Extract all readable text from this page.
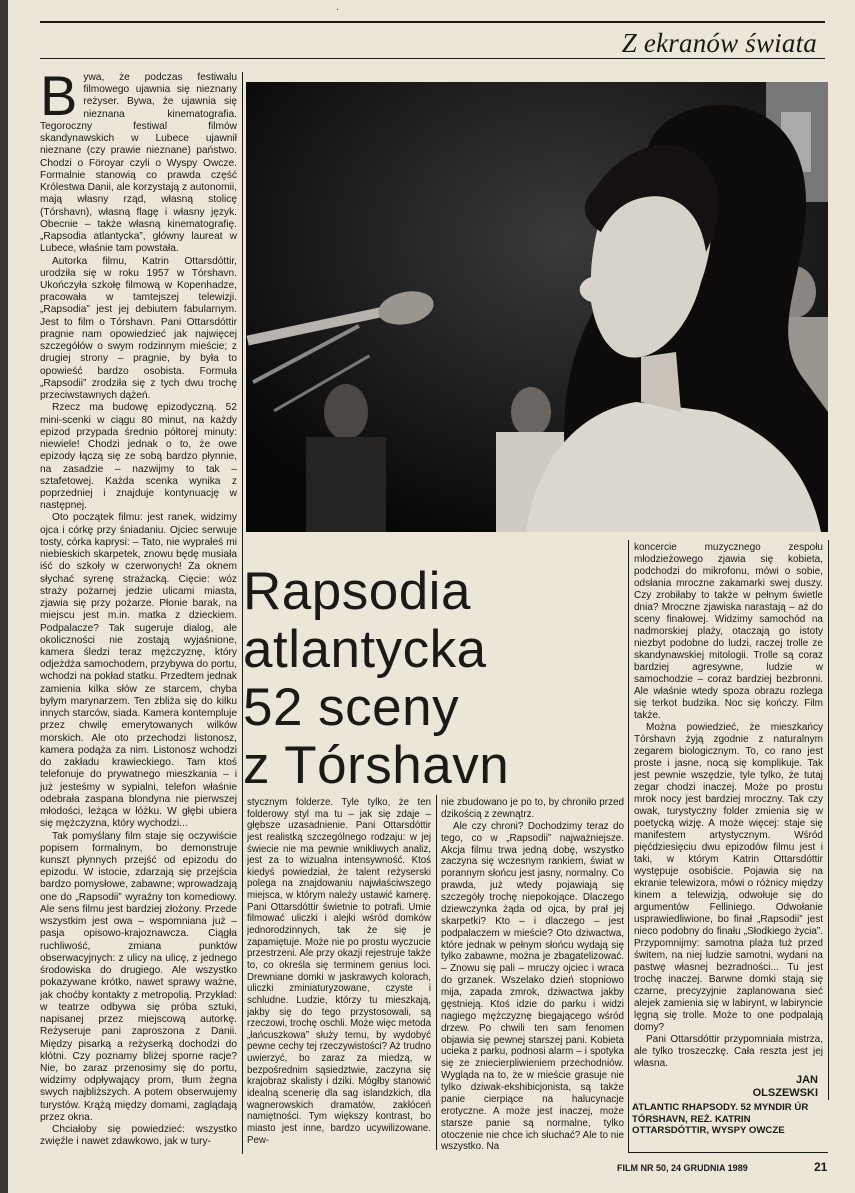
·
Z ekranów świata
B ywa, że podczas festiwalu filmowego ujawnia się nieznany reżyser. Bywa, że ujawnia się nieznana kinematografia. Tegoroczny festiwal filmów skandynawskich w Lubece ujawnił nieznane (czy prawie nieznane) państwo. Chodzi o Föroyar czyli o Wyspy Owcze. Formalnie stanowią co prawda część Królestwa Danii, ale korzystają z autonomii, mają własny rząd, własną stolicę (Tórshavn), własną flagę i własny język. Obecnie – także własną kinematografię. „Rapsodia atlantycka”, główny laureat w Lubece, właśnie tam powstała.

Autorka filmu, Katrin Ottarsdóttir, urodziła się w roku 1957 w Tórshavn. Ukończyła szkołę filmową w Kopenhadze, pracowała w tamtejszej telewizji. „Rapsodia” jest jej debiutem fabularnym. Jest to film o Tórshavn. Pani Ottarsdóttir pragnie nam opowiedzieć jak najwięcej szczegółów o swym rodzinnym mieście; z drugiej strony – pragnie, by była to opowieść bardzo osobista. Formuła „Rapsodii” zrodziła się z tych dwu trochę przeciwstawnych dążeń.

Rzecz ma budowę epizodyczną. 52 mini-scenki w ciągu 80 minut, na każdy epizod przypada średnio półtorej minuty: niewiele! Chodzi jednak o to, że owe epizody łączą się ze sobą bardzo płynnie, na zasadzie – nazwijmy to tak – sztafetowej. Każda scenka wynika z poprzedniej i znajduje kontynuację w następnej.

Oto początek filmu: jest ranek, widzimy ojca i córkę przy śniadaniu. Ojciec serwuje tosty, córka kaprysi: – Tato, nie wyprałeś mi niebieskich skarpetek, znowu będę musiała iść do szkoły w czerwonych! Za oknem słychać syrenę strażacką. Cięcie: wóz straży pożarnej jedzie ulicami miasta, zjawia się przy pożarze. Płonie barak, na miejscu jest m.in. matka z dzieckiem. Podpalacze? Tak sugeruje dialog, ale okoliczności nie zostają wyjaśnione, kamera śledzi teraz mężczyznę, który odjeżdża samochodem, przybywa do portu, wchodzi na pokład statku. Przedtem jednak zamienia kilka słów ze starcem, chyba byłym marynarzem. Ten zbliża się do kilku innych starców, siada. Kamera kontempluje przez chwilę emerytowanych wilków morskich. Ale oto przechodzi listonosz, kamera podąża za nim. Listonosz wchodzi do zakładu krawieckiego. Tam ktoś telefonuje do prywatnego mieszkania – i już jesteśmy w sypialni, telefon właśnie odebrała zaspana blondyna nie pierwszej młodości, leżąca w łóżku. W głębi ubiera się mężczyzna, który wychodzi...

Tak pomyślany film staje się oczywiście popisem formalnym, bo demonstruje kunszt płynnych przejść od epizodu do epizodu. W istocie, zdarzają się przejścia bardzo pomysłowe, zabawne; wprowadzają one do „Rapsodii” wyraźny ton komediowy. Ale sens filmu jest bardziej złożony. Przede wszystkim jest owa – wspomniana już – pasja opisowo-krajoznawcza. Ciągła ruchliwość, zmiana punktów obserwacyjnych: z ulicy na ulicę, z jednego środowiska do drugiego. Ale wszystko pokazywane krótko, nawet sprawy ważne, jak choćby kontakty z metropolią. Przykład: w teatrze odbywa się próba sztuki, napisanej przez miejscową autorkę. Reżyseruje pani zaproszona z Danii. Między pisarką a reżyserką dochodzi do kłótni. Czy poznamy bliżej sporne racje? Nie, bo zaraz przenosimy się do portu, widzimy odpływający prom, tłum żegna swych najbliższych. A potem obserwujemy turystów. Krążą między domami, zaglądają przez okna.

Chciałoby się powiedzieć: wszystko zwięźle i nawet zdawkowo, jak w tury-

Rapsodia
atlantycka
52 sceny
z Tórshavn

stycznym folderze. Tyle tylko, że ten folderowy styl ma tu – jak się zdaje – głębsze uzasadnienie. Pani Ottarsdóttir jest realistką szczególnego rodzaju: w jej świecie nie ma pewnie wnikliwych analiz, jest za to wizualna intensywność. Ktoś kiedyś powiedział, że talent reżyserski polega na znajdowaniu najwłaściwszego miejsca, w którym należy ustawić kamerę. Pani Ottarsdóttir świetnie to potrafi. Umie filmować uliczki i alejki wśród domków jednorodzinnych, tak że się je zapamiętuje. Może nie po prostu wyczucie przestrzeni. Ale przy okazji rejestruje także to, co określa się terminem genius loci. Drewniane domki w jaskrawych kolorach, uliczki zminiaturyzowane, czyste i schludne. Ludzie, którzy tu mieszkają, jakby się do tego przystosowali, są rzeczowi, trochę oschli. Może więc metoda „łańcuszkowa” służy temu, by wydobyć pewne cechy tej rzeczywistości? Aż trudno uwierzyć, bo zaraz za miedzą, w bezpośrednim sąsiedztwie, zaczyna się krajobraz skalisty i dziki. Mógłby stanowić idealną scenerię dla sag islandzkich, dla wagnerowskich dramatów, zakłóceń namiętności. Tym większy kontrast, bo miasto jest inne, bardzo ucywilizowane. Pew-

nie zbudowano je po to, by chroniło przed dzikością z zewnątrz.

Ale czy chroni? Dochodzimy teraz do tego, co w „Rapsodii” najważniejsze. Akcja filmu trwa jedną dobę, wszystko zaczyna się wczesnym rankiem, świat w porannym słońcu jest jasny, normalny. Co prawda, już wtedy pojawiają się szczegóły trochę niepokojące. Dlaczego dziewczynka żąda od ojca, by prał jej skarpetki? Kto – i dlaczego – jest podpalaczem w mieście? Oto dziwactwa, które jednak w pełnym słońcu wydają się tylko zabawne, można je zbagatelizować. – Znowu się pali – mruczy ojciec i wraca do grzanek. Wszelako dzień stopniowo mija, zapada zmrok, dziwactwa jakby gęstnieją. Ktoś idzie do parku i widzi nagiego mężczyznę biegającego wśród drzew. Po chwili ten sam fenomen objawia się pewnej starszej pani. Kobieta ucieka z parku, podnosi alarm – i spotyka się ze zniecierpliwieniem przechodniów. Wygląda na to, że w mieście grasuje nie tylko dziwak-ekshibicjonista, są także panie cierpiące na halucynacje erotyczne. A może jest inaczej, może starsze panie są normalne, tylko otoczenie nie chce ich słuchać? Ale to nie wszystko. Na

koncercie muzycznego zespołu młodzieżowego zjawia się kobieta, podchodzi do mikrofonu, mówi o sobie, odsłania mroczne zakamarki swej duszy. Czy zrobiłaby to także w pełnym świetle dnia? Mroczne zjawiska narastają – aż do sceny finałowej. Widzimy samochód na nadmorskiej plaży, otaczają go istoty niezbyt podobne do ludzi, raczej trolle ze skandynawskiej mitologii. Trolle są coraz bardziej agresywne, ludzie w samochodzie – coraz bardziej bezbronni. Ale właśnie wtedy spoza obrazu rozlega się terkot budzika. Noc się kończy. Film także.

Można powiedzieć, że mieszkańcy Tórshavn żyją zgodnie z naturalnym zegarem biologicznym. To, co rano jest proste i jasne, nocą się komplikuje. Tak jest pewnie wszędzie, tyle tylko, że tutaj zegar chodzi inaczej. Może po prostu mrok nocy jest bardziej mroczny. Tak czy owak, turystyczny folder zmienia się w poetycką wizję. A może więcej: staje się manifestem artystycznym. Wśród pięćdziesięciu dwu epizodów filmu jest i taki, w którym Katrin Ottarsdóttir występuje osobiście. Pojawia się na ekranie telewizora, mówi o różnicy między kinem a telewizją, odwołuje się do argumentów Felliniego. Odwołanie usprawiedliwione, bo finał „Rapsodii” jest nieco podobny do finału „Słodkiego życia”. Przypomnijmy: samotna plaża tuż przed świtem, na niej ludzie samotni, wydani na pastwę własnej bezradności... Tu jest trochę inaczej. Barwne domki stają się czarne, precyzyjnie zaplanowana sieć alejek zamienia się w labirynt, w labiryncie lęgną się trolle. Może to one podpalają domy?

Pani Ottarsdóttir przypomniała mistrza, ale tylko troszeczkę. Cała reszta jest jej własna.

JAN
OLSZEWSKI
ATLANTIC RHAPSODY. 52 MYNDIR ÚR TÓRSHAVN, REŻ. KATRIN OTTARSDÓTTIR, WYSPY OWCZE
FILM NR 50, 24 GRUDNIA 1989	21
